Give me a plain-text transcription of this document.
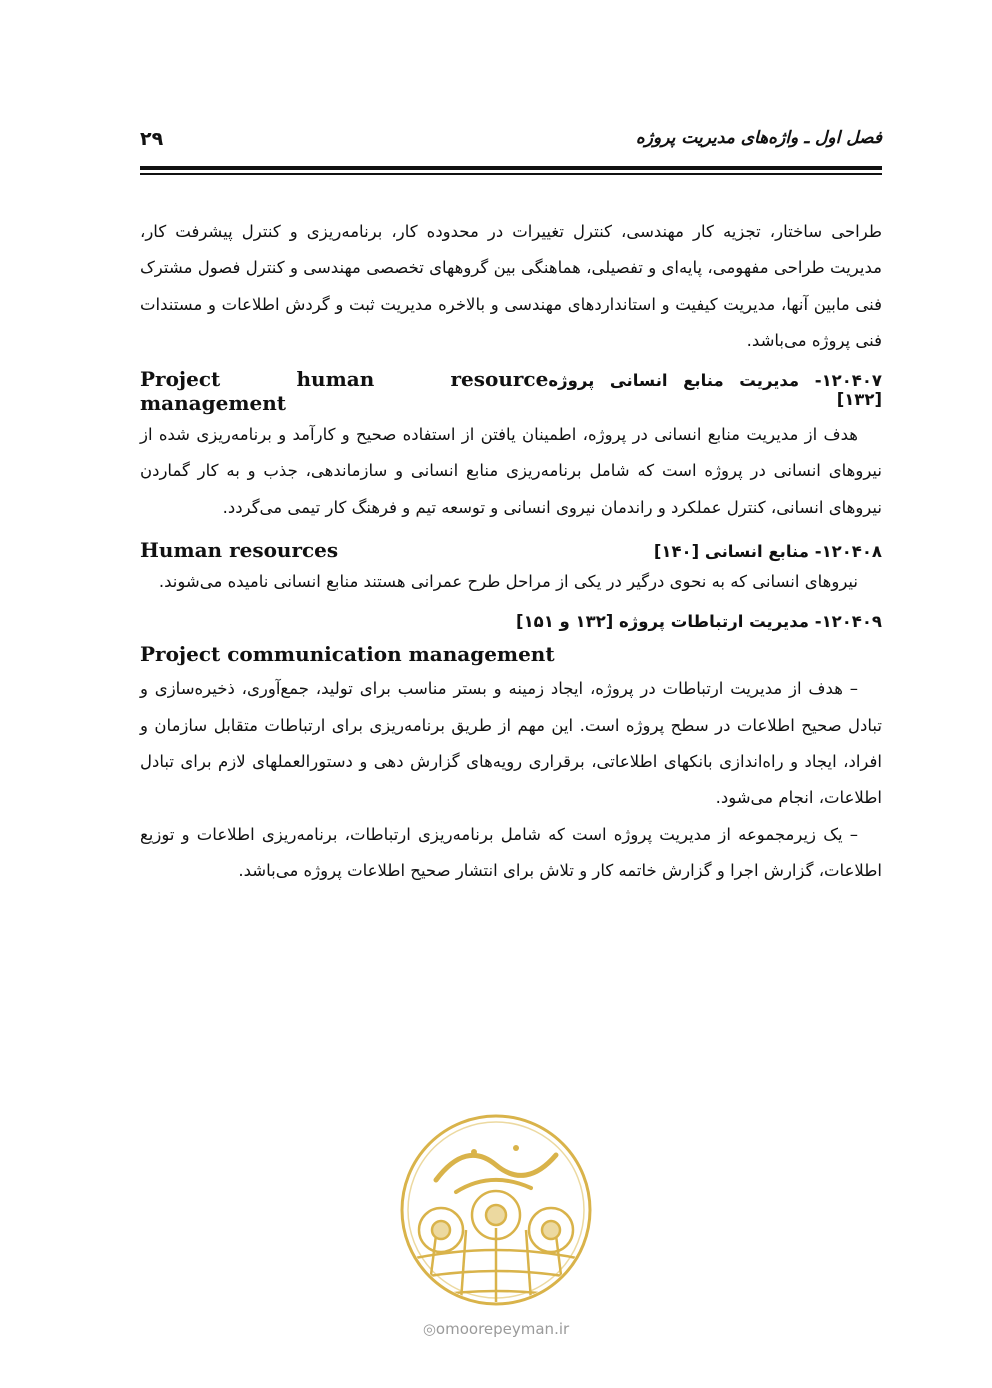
فصل اول ـ واژه‌های مدیریت پروژه
۲۹

طراحی ساختار، تجزیه کار مهندسی، کنترل تغییرات در محدوده کار، برنامه‌ریزی و کنترل پیشرفت کار، مدیریت طراحی مفهومی، پایه‌ای و تفصیلی، هماهنگی بین گروههای تخصصی مهندسی و کنترل فصول مشترک فنی مابین آنها، مدیریت کیفیت و استانداردهای مهندسی و بالاخره مدیریت ثبت و گردش اطلاعات و مستندات فنی پروژه می‌باشد.

۱۲۰۴۰۷- مدیریت منابع انسانی پروژه [۱۳۲]
Project human resource management

هدف از مدیریت منابع انسانی در پروژه، اطمینان یافتن از استفاده صحیح و کارآمد و برنامه‌ریزی شده از نیروهای انسانی در پروژه است که شامل برنامه‌ریزی منابع انسانی و سازماندهی، جذب و به کار گماردن نیروهای انسانی، کنترل عملکرد و راندمان نیروی انسانی و توسعه تیم و فرهنگ کار تیمی می‌گردد.

۱۲۰۴۰۸- منابع انسانی [۱۴۰]
Human resources

نیروهای انسانی که به نحوی درگیر در یکی از مراحل طرح عمرانی هستند منابع انسانی نامیده می‌شوند.

۱۲۰۴۰۹- مدیریت ارتباطات پروژه [۱۳۲ و ۱۵۱]
Project communication management

– هدف از مدیریت ارتباطات در پروژه، ایجاد زمینه و بستر مناسب برای تولید، جمع‌آوری، ذخیره‌سازی و تبادل صحیح اطلاعات در سطح پروژه است. این مهم از طریق برنامه‌ریزی برای ارتباطات متقابل سازمان و افراد، ایجاد و راه‌اندازی بانکهای اطلاعاتی، برقراری رویه‌های گزارش دهی و دستورالعملهای لازم برای تبادل اطلاعات، انجام می‌شود.

– یک زیرمجموعه از مدیریت پروژه است که شامل برنامه‌ریزی ارتباطات، برنامه‌ریزی اطلاعات و توزیع اطلاعات، گزارش اجرا و گزارش خاتمه کار و تلاش برای انتشار صحیح اطلاعات پروژه می‌باشد.

◎omoorepeyman.ir
